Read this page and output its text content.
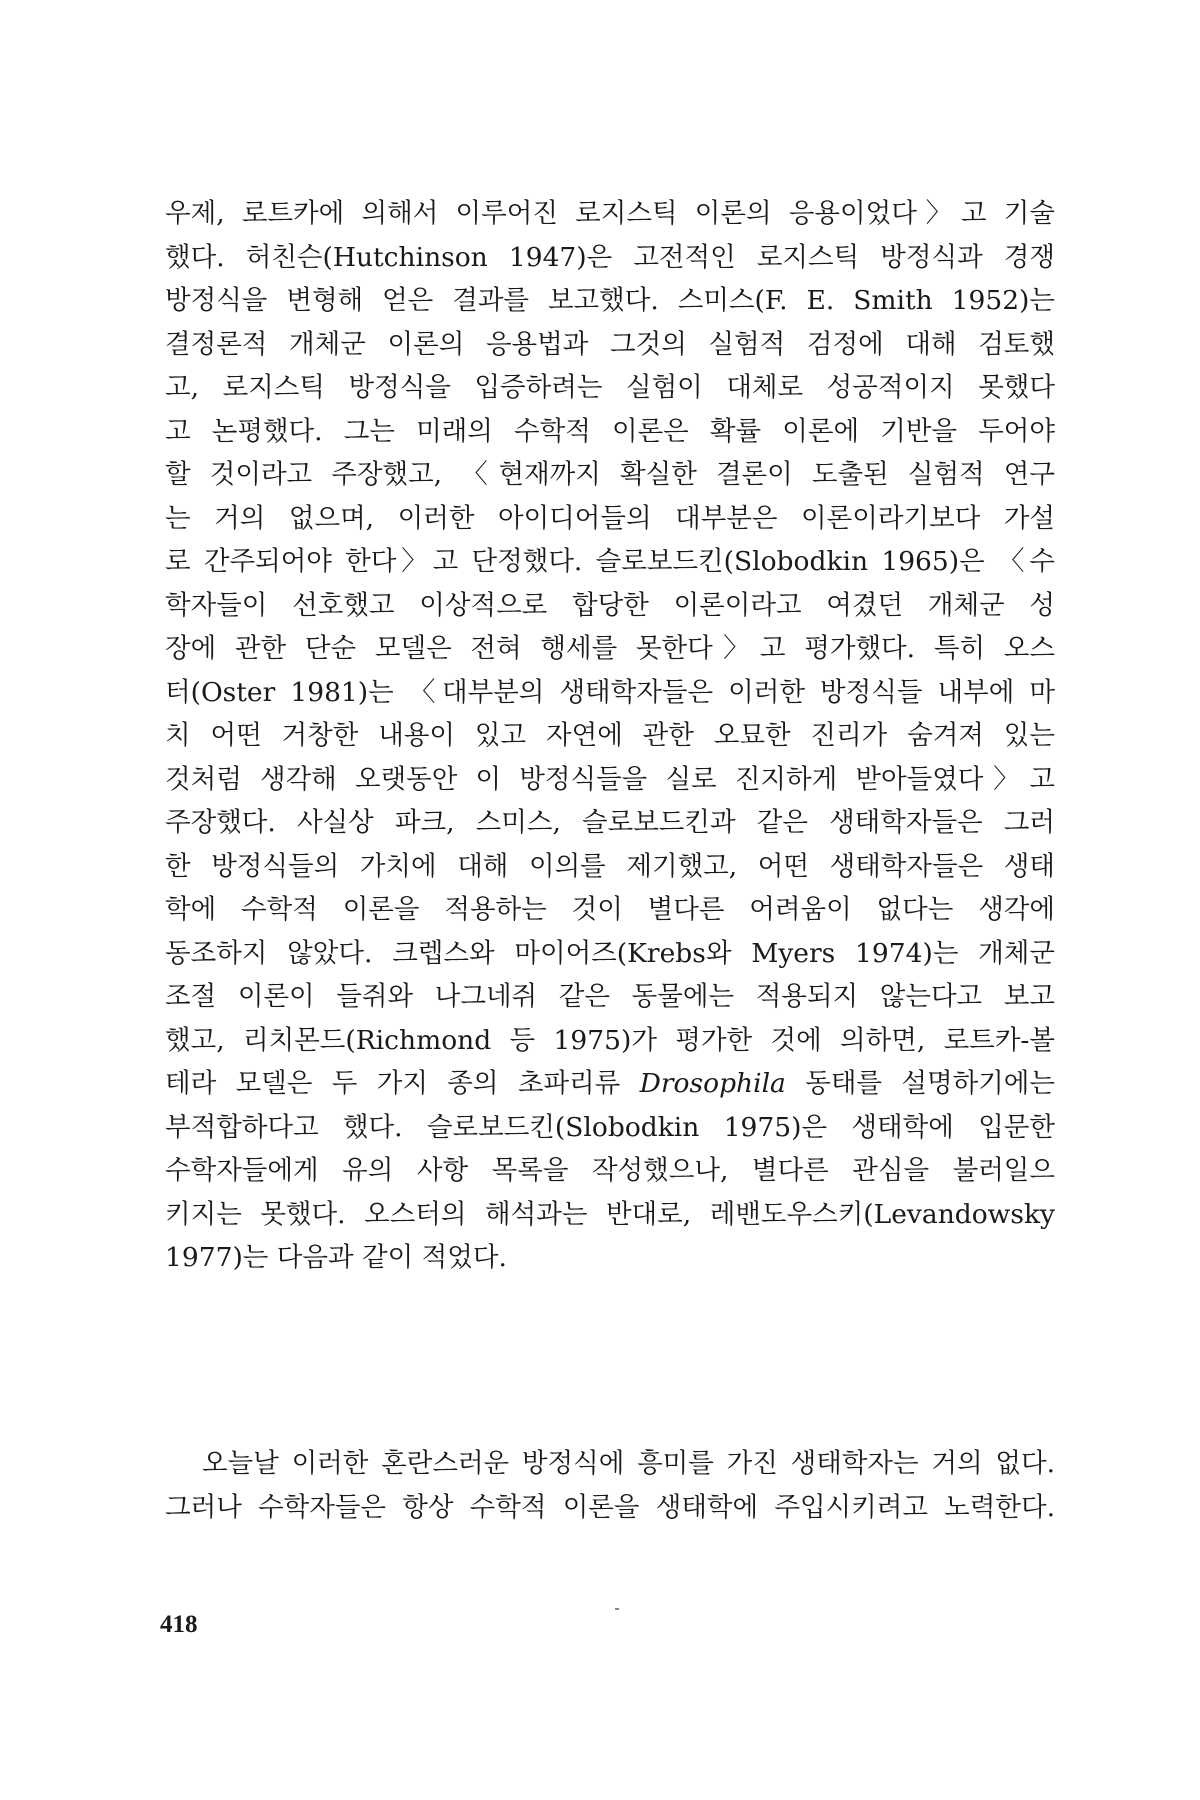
우제, 로트카에 의해서 이루어진 로지스틱 이론의 응용이었다〉고 기술
했다. 허친슨(Hutchinson 1947)은 고전적인 로지스틱 방정식과 경쟁
방정식을 변형해 얻은 결과를 보고했다. 스미스(F. E. Smith 1952)는
결정론적 개체군 이론의 응용법과 그것의 실험적 검정에 대해 검토했
고, 로지스틱 방정식을 입증하려는 실험이 대체로 성공적이지 못했다
고 논평했다. 그는 미래의 수학적 이론은 확률 이론에 기반을 두어야
할 것이라고 주장했고, 〈현재까지 확실한 결론이 도출된 실험적 연구
는 거의 없으며, 이러한 아이디어들의 대부분은 이론이라기보다 가설
로 간주되어야 한다〉고 단정했다. 슬로보드킨(Slobodkin 1965)은 〈수
학자들이 선호했고 이상적으로 합당한 이론이라고 여겼던 개체군 성
장에 관한 단순 모델은 전혀 행세를 못한다〉고 평가했다. 특히 오스
터(Oster 1981)는 〈대부분의 생태학자들은 이러한 방정식들 내부에 마
치 어떤 거창한 내용이 있고 자연에 관한 오묘한 진리가 숨겨져 있는
것처럼 생각해 오랫동안 이 방정식들을 실로 진지하게 받아들였다〉고
주장했다. 사실상 파크, 스미스, 슬로보드킨과 같은 생태학자들은 그러
한 방정식들의 가치에 대해 이의를 제기했고, 어떤 생태학자들은 생태
학에 수학적 이론을 적용하는 것이 별다른 어려움이 없다는 생각에
동조하지 않았다. 크렙스와 마이어즈(Krebs와 Myers 1974)는 개체군
조절 이론이 들쥐와 나그네쥐 같은 동물에는 적용되지 않는다고 보고
했고, 리치몬드(Richmond 등 1975)가 평가한 것에 의하면, 로트카-볼
테라 모델은 두 가지 종의 초파리류 Drosophila 동태를 설명하기에는
부적합하다고 했다. 슬로보드킨(Slobodkin 1975)은 생태학에 입문한
수학자들에게 유의 사항 목록을 작성했으나, 별다른 관심을 불러일으
키지는 못했다. 오스터의 해석과는 반대로, 레밴도우스키(Levandowsky
1977)는 다음과 같이 적었다.
오늘날 이러한 혼란스러운 방정식에 흥미를 가진 생태학자는 거의 없다.
그러나 수학자들은 항상 수학적 이론을 생태학에 주입시키려고 노력한다.
418
